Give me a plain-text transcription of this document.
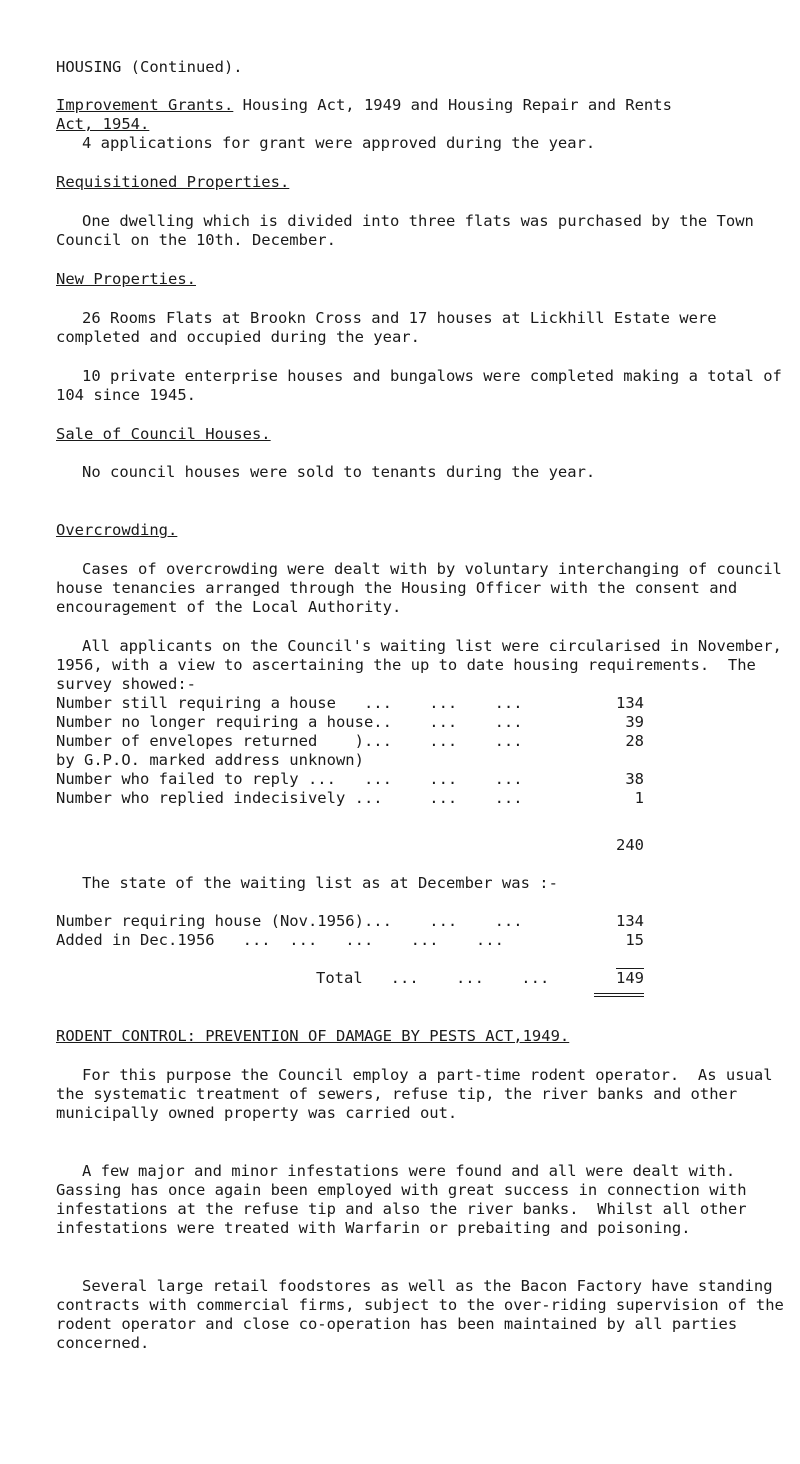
HOUSING (Continued).
Improvement Grants. Housing Act, 1949 and Housing Repair and Rents
Act, 1954.
4 applications for grant were approved during the year.
Requisitioned Properties.
One dwelling which is divided into three flats was purchased by the Town Council on the 10th. December.
New Properties.
26 Rooms Flats at Brookn Cross and 17 houses at Lickhill Estate were completed and occupied during the year.
10 private enterprise houses and bungalows were completed making a total of 104 since 1945.
Sale of Council Houses.
No council houses were sold to tenants during the year.
Overcrowding.
Cases of overcrowding were dealt with by voluntary interchanging of council house tenancies arranged through the Housing Officer with the consent and encouragement of the Local Authority.
All applicants on the Council's waiting list were circularised in November, 1956, with a view to ascertaining the up to date housing requirements.  The survey showed:-
Number still requiring a house   ...    ...    ...	134
Number no longer requiring a house..    ...    ...	39
Number of envelopes returned    )...    ...    ...	28
by G.P.O. marked address unknown)
Number who failed to reply ...   ...    ...    ...	38
Number who replied indecisively ...     ...    ...	1
240
The state of the waiting list as at December was :-
Number requiring house (Nov.1956)...    ...    ...	134
Added in Dec.1956   ...  ...   ...    ...    ...	15
Total   ...    ...    ...	149
RODENT CONTROL: PREVENTION OF DAMAGE BY PESTS ACT,1949.
For this purpose the Council employ a part-time rodent operator.  As usual the systematic treatment of sewers, refuse tip, the river banks and other municipally owned property was carried out.
A few major and minor infestations were found and all were dealt with.  Gassing has once again been employed with great success in connection with infestations at the refuse tip and also the river banks.  Whilst all other infestations were treated with Warfarin or prebaiting and poisoning.
Several large retail foodstores as well as the Bacon Factory have standing contracts with commercial firms, subject to the over-riding supervision of the rodent operator and close co-operation has been maintained by all parties concerned.
